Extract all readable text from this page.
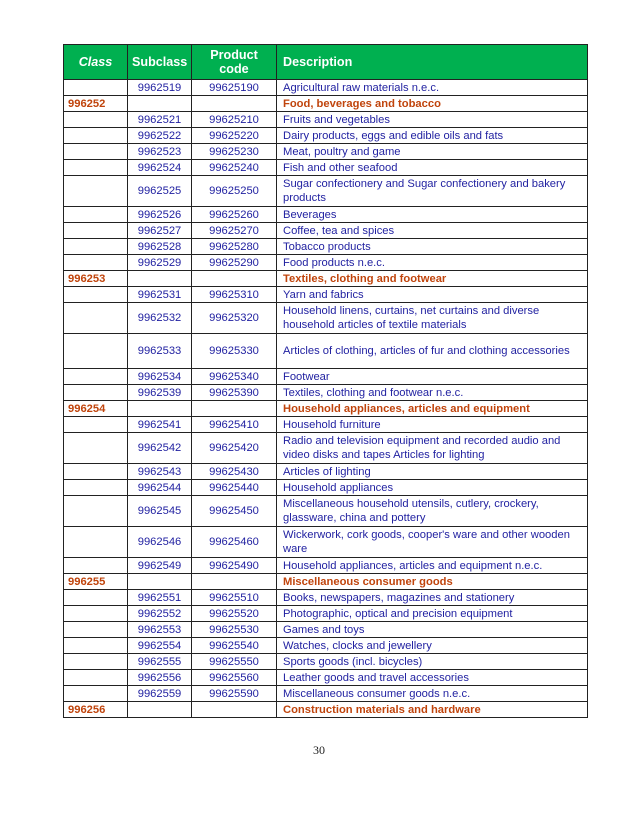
Class	Subclass	Product code	Description
	9962519	99625190	Agricultural raw materials n.e.c.
996252			Food, beverages and tobacco
	9962521	99625210	Fruits and vegetables
	9962522	99625220	Dairy products, eggs and edible oils and fats
	9962523	99625230	Meat, poultry and game
	9962524	99625240	Fish and other seafood
	9962525	99625250	Sugar confectionery and Sugar confectionery and bakery products
	9962526	99625260	Beverages
	9962527	99625270	Coffee, tea and spices
	9962528	99625280	Tobacco products
	9962529	99625290	Food products n.e.c.
996253			Textiles, clothing and footwear
	9962531	99625310	Yarn and fabrics
	9962532	99625320	Household linens, curtains, net curtains and diverse household articles of textile materials
	9962533	99625330	Articles of clothing, articles of fur and clothing accessories
	9962534	99625340	Footwear
	9962539	99625390	Textiles, clothing and footwear n.e.c.
996254			Household appliances, articles and equipment
	9962541	99625410	Household furniture
	9962542	99625420	Radio and television equipment and recorded audio and video disks and tapes Articles for lighting
	9962543	99625430	Articles of lighting
	9962544	99625440	Household appliances
	9962545	99625450	Miscellaneous household utensils, cutlery, crockery, glassware, china and pottery
	9962546	99625460	Wickerwork, cork goods, cooper's ware and other wooden ware
	9962549	99625490	Household appliances, articles and equipment n.e.c.
996255			Miscellaneous consumer goods
	9962551	99625510	Books, newspapers, magazines and stationery
	9962552	99625520	Photographic, optical and precision equipment
	9962553	99625530	Games and toys
	9962554	99625540	Watches, clocks and jewellery
	9962555	99625550	Sports goods (incl. bicycles)
	9962556	99625560	Leather goods and travel accessories
	9962559	99625590	Miscellaneous consumer goods n.e.c.
996256			Construction materials and hardware
30
